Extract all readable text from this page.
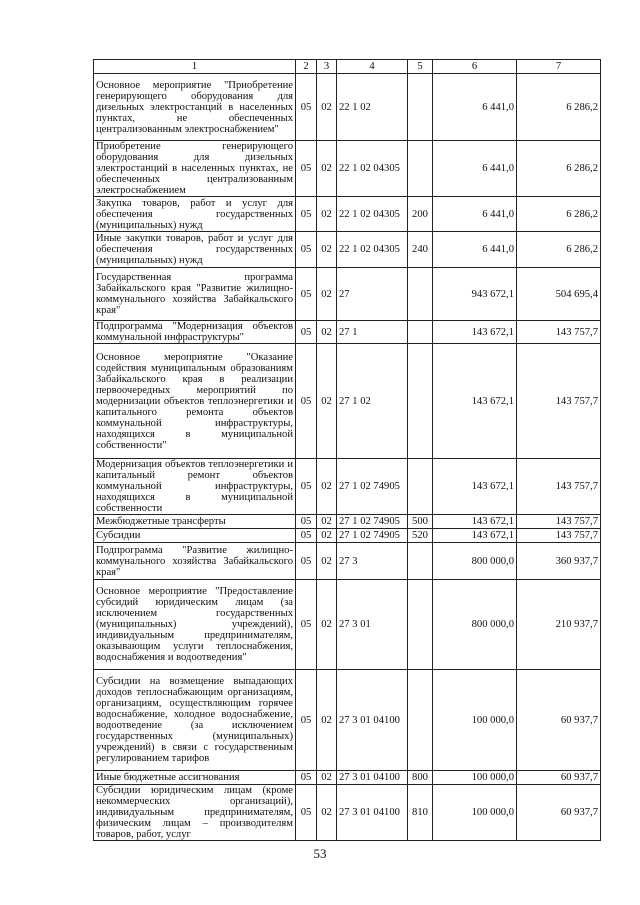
1	2	3	4	5	6	7
Основное мероприятие "Приобретение генерирующего оборудования для дизельных электростанций в населенных пунктах, не обеспеченных централизованным электроснабжением"	05	02	22 1 02		6 441,0	6 286,2
Приобретение генерирующего оборудования для дизельных электростанций в населенных пунктах, не обеспеченных централизованным электроснабжением	05	02	22 1 02 04305		6 441,0	6 286,2
Закупка товаров, работ и услуг для обеспечения государственных (муниципальных) нужд	05	02	22 1 02 04305	200	6 441,0	6 286,2
Иные закупки товаров, работ и услуг для обеспечения государственных (муниципальных) нужд	05	02	22 1 02 04305	240	6 441,0	6 286,2
Государственная программа Забайкальского края "Развитие жилищно-коммунального хозяйства Забайкальского края"	05	02	27		943 672,1	504 695,4
Подпрограмма "Модернизация объектов коммунальной инфраструктуры"	05	02	27 1		143 672,1	143 757,7
Основное мероприятие "Оказание содействия муниципальным образованиям Забайкальского края в реализации первоочередных мероприятий по модернизации объектов теплоэнергетики и капитального ремонта объектов коммунальной инфраструктуры, находящихся в муниципальной собственности"	05	02	27 1 02		143 672,1	143 757,7
Модернизация объектов теплоэнергетики и капитальный ремонт объектов коммунальной инфраструктуры, находящихся в муниципальной собственности	05	02	27 1 02 74905		143 672,1	143 757,7
Межбюджетные трансферты	05	02	27 1 02 74905	500	143 672,1	143 757,7
Субсидии	05	02	27 1 02 74905	520	143 672,1	143 757,7
Подпрограмма "Развитие жилищно-коммунального хозяйства Забайкальского края"	05	02	27 3		800 000,0	360 937,7
Основное мероприятие "Предоставление субсидий юридическим лицам (за исключением государственных (муниципальных) учреждений), индивидуальным предпринимателям, оказывающим услуги теплоснабжения, водоснабжения и водоотведения"	05	02	27 3 01		800 000,0	210 937,7
Субсидии на возмещение выпадающих доходов теплоснабжающим организациям, организациям, осуществляющим горячее водоснабжение, холодное водоснабжение, водоотведение (за исключением государственных (муниципальных) учреждений) в связи с государственным регулированием тарифов	05	02	27 3 01 04100		100 000,0	60 937,7
Иные бюджетные ассигнования	05	02	27 3 01 04100	800	100 000,0	60 937,7
Субсидии юридическим лицам (кроме некоммерческих организаций), индивидуальным предпринимателям, физическим лицам – производителям товаров, работ, услуг	05	02	27 3 01 04100	810	100 000,0	60 937,7
53
